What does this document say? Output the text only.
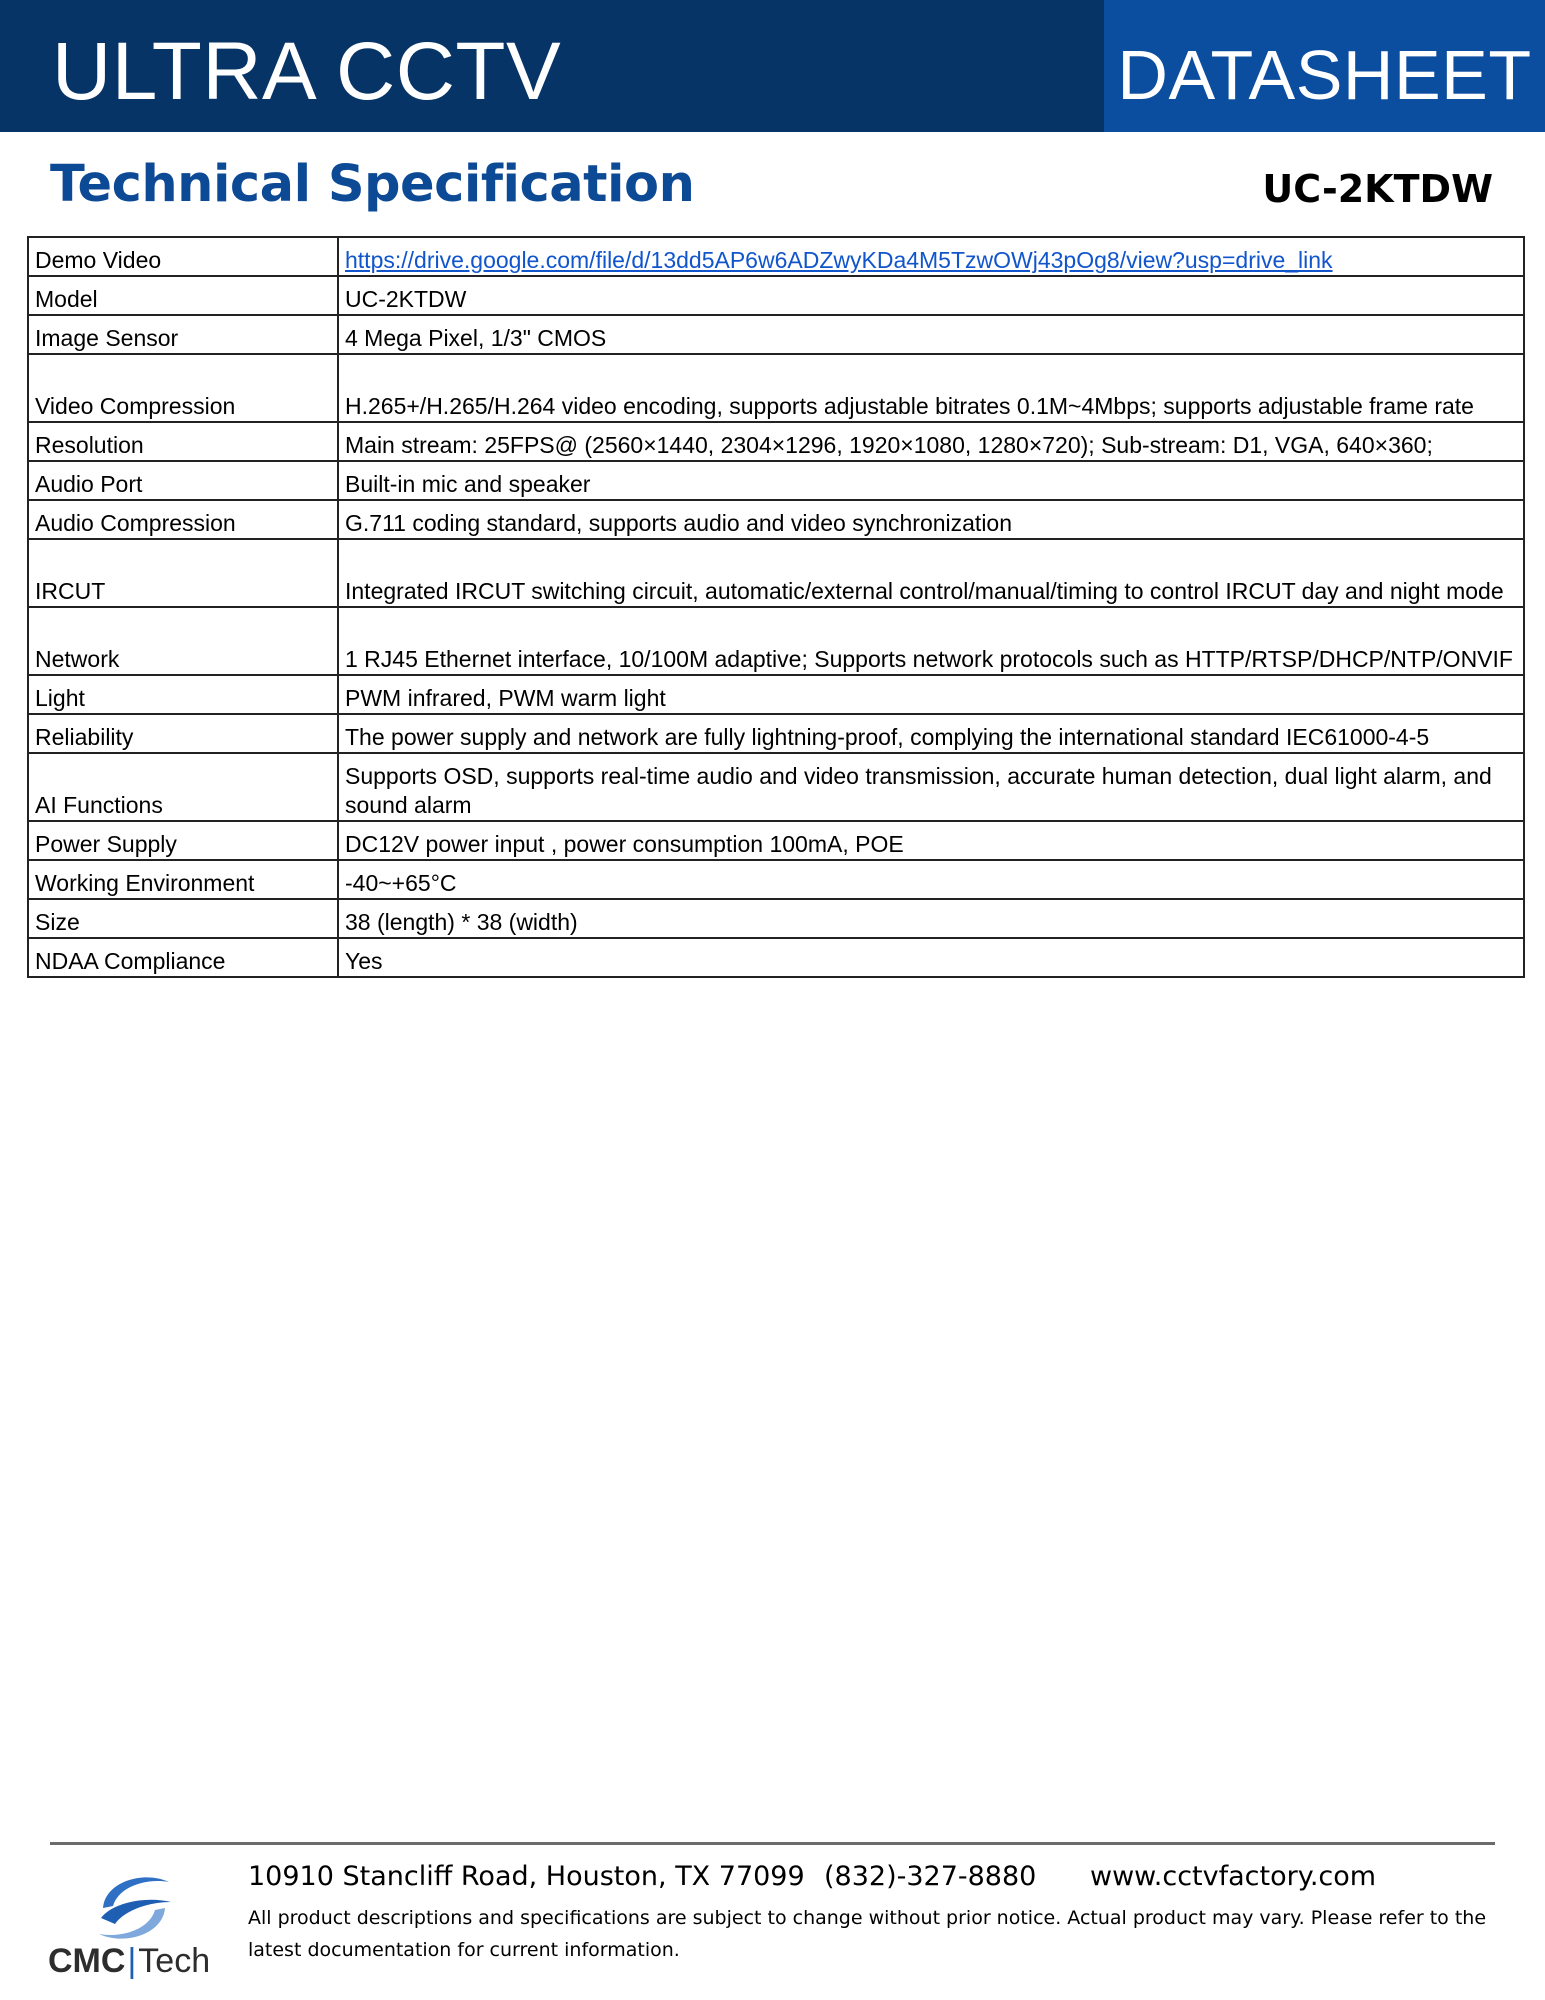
ULTRA CCTV	DATASHEET
Technical Specification	UC-2KTDW
Demo Video	https://drive.google.com/file/d/13dd5AP6w6ADZwyKDa4M5TzwOWj43pOg8/view?usp=drive_link
Model	UC-2KTDW
Image Sensor	4 Mega Pixel, 1/3" CMOS
Video Compression	H.265+/H.265/H.264 video encoding, supports adjustable bitrates 0.1M~4Mbps; supports adjustable frame rate
Resolution	Main stream: 25FPS@ (2560×1440, 2304×1296, 1920×1080, 1280×720); Sub-stream: D1, VGA, 640×360;
Audio Port	Built-in mic and speaker
Audio Compression	G.711 coding standard, supports audio and video synchronization
IRCUT	Integrated IRCUT switching circuit, automatic/external control/manual/timing to control IRCUT day and night mode
Network	1 RJ45 Ethernet interface, 10/100M adaptive; Supports network protocols such as HTTP/RTSP/DHCP/NTP/ONVIF
Light	PWM infrared, PWM warm light
Reliability	The power supply and network are fully lightning-proof, complying the international standard IEC61000-4-5
AI Functions	Supports OSD, supports real-time audio and video transmission, accurate human detection, dual light alarm, and sound alarm
Power Supply	DC12V power input , power consumption 100mA, POE
Working Environment	-40~+65°C
Size	38 (length) * 38 (width)
NDAA Compliance	Yes
CMC|Tech
10910 Stancliff Road, Houston, TX 77099 (832)-327-8880 www.cctvfactory.com
All product descriptions and specifications are subject to change without prior notice. Actual product may vary. Please refer to the latest documentation for current information.
